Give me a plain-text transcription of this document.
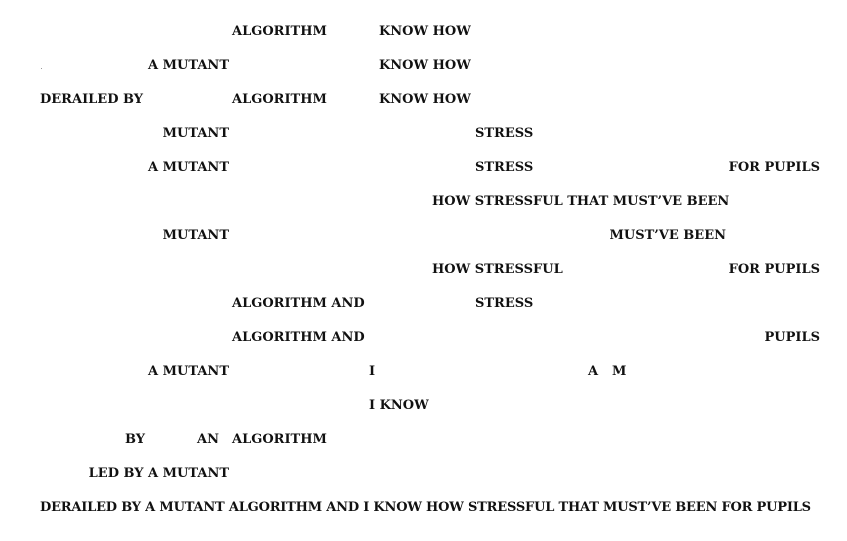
ALGORITHM	KNOW HOW
A MUTANT	KNOW HOW
DERAILED BY	ALGORITHM	KNOW HOW
MUTANT	STRESS
A MUTANT	STRESS	FOR PUPILS
HOW STRESSFUL THAT MUST’VE BEEN
MUTANT	MUST’VE BEEN
HOW STRESSFUL	FOR PUPILS
ALGORITHM AND	STRESS
ALGORITHM AND	PUPILS
A MUTANT	I	A M
I KNOW
BY	AN ALGORITHM
LED BY A MUTANT
DERAILED BY A MUTANT ALGORITHM AND I KNOW HOW STRESSFUL THAT MUST’VE BEEN FOR PUPILS
